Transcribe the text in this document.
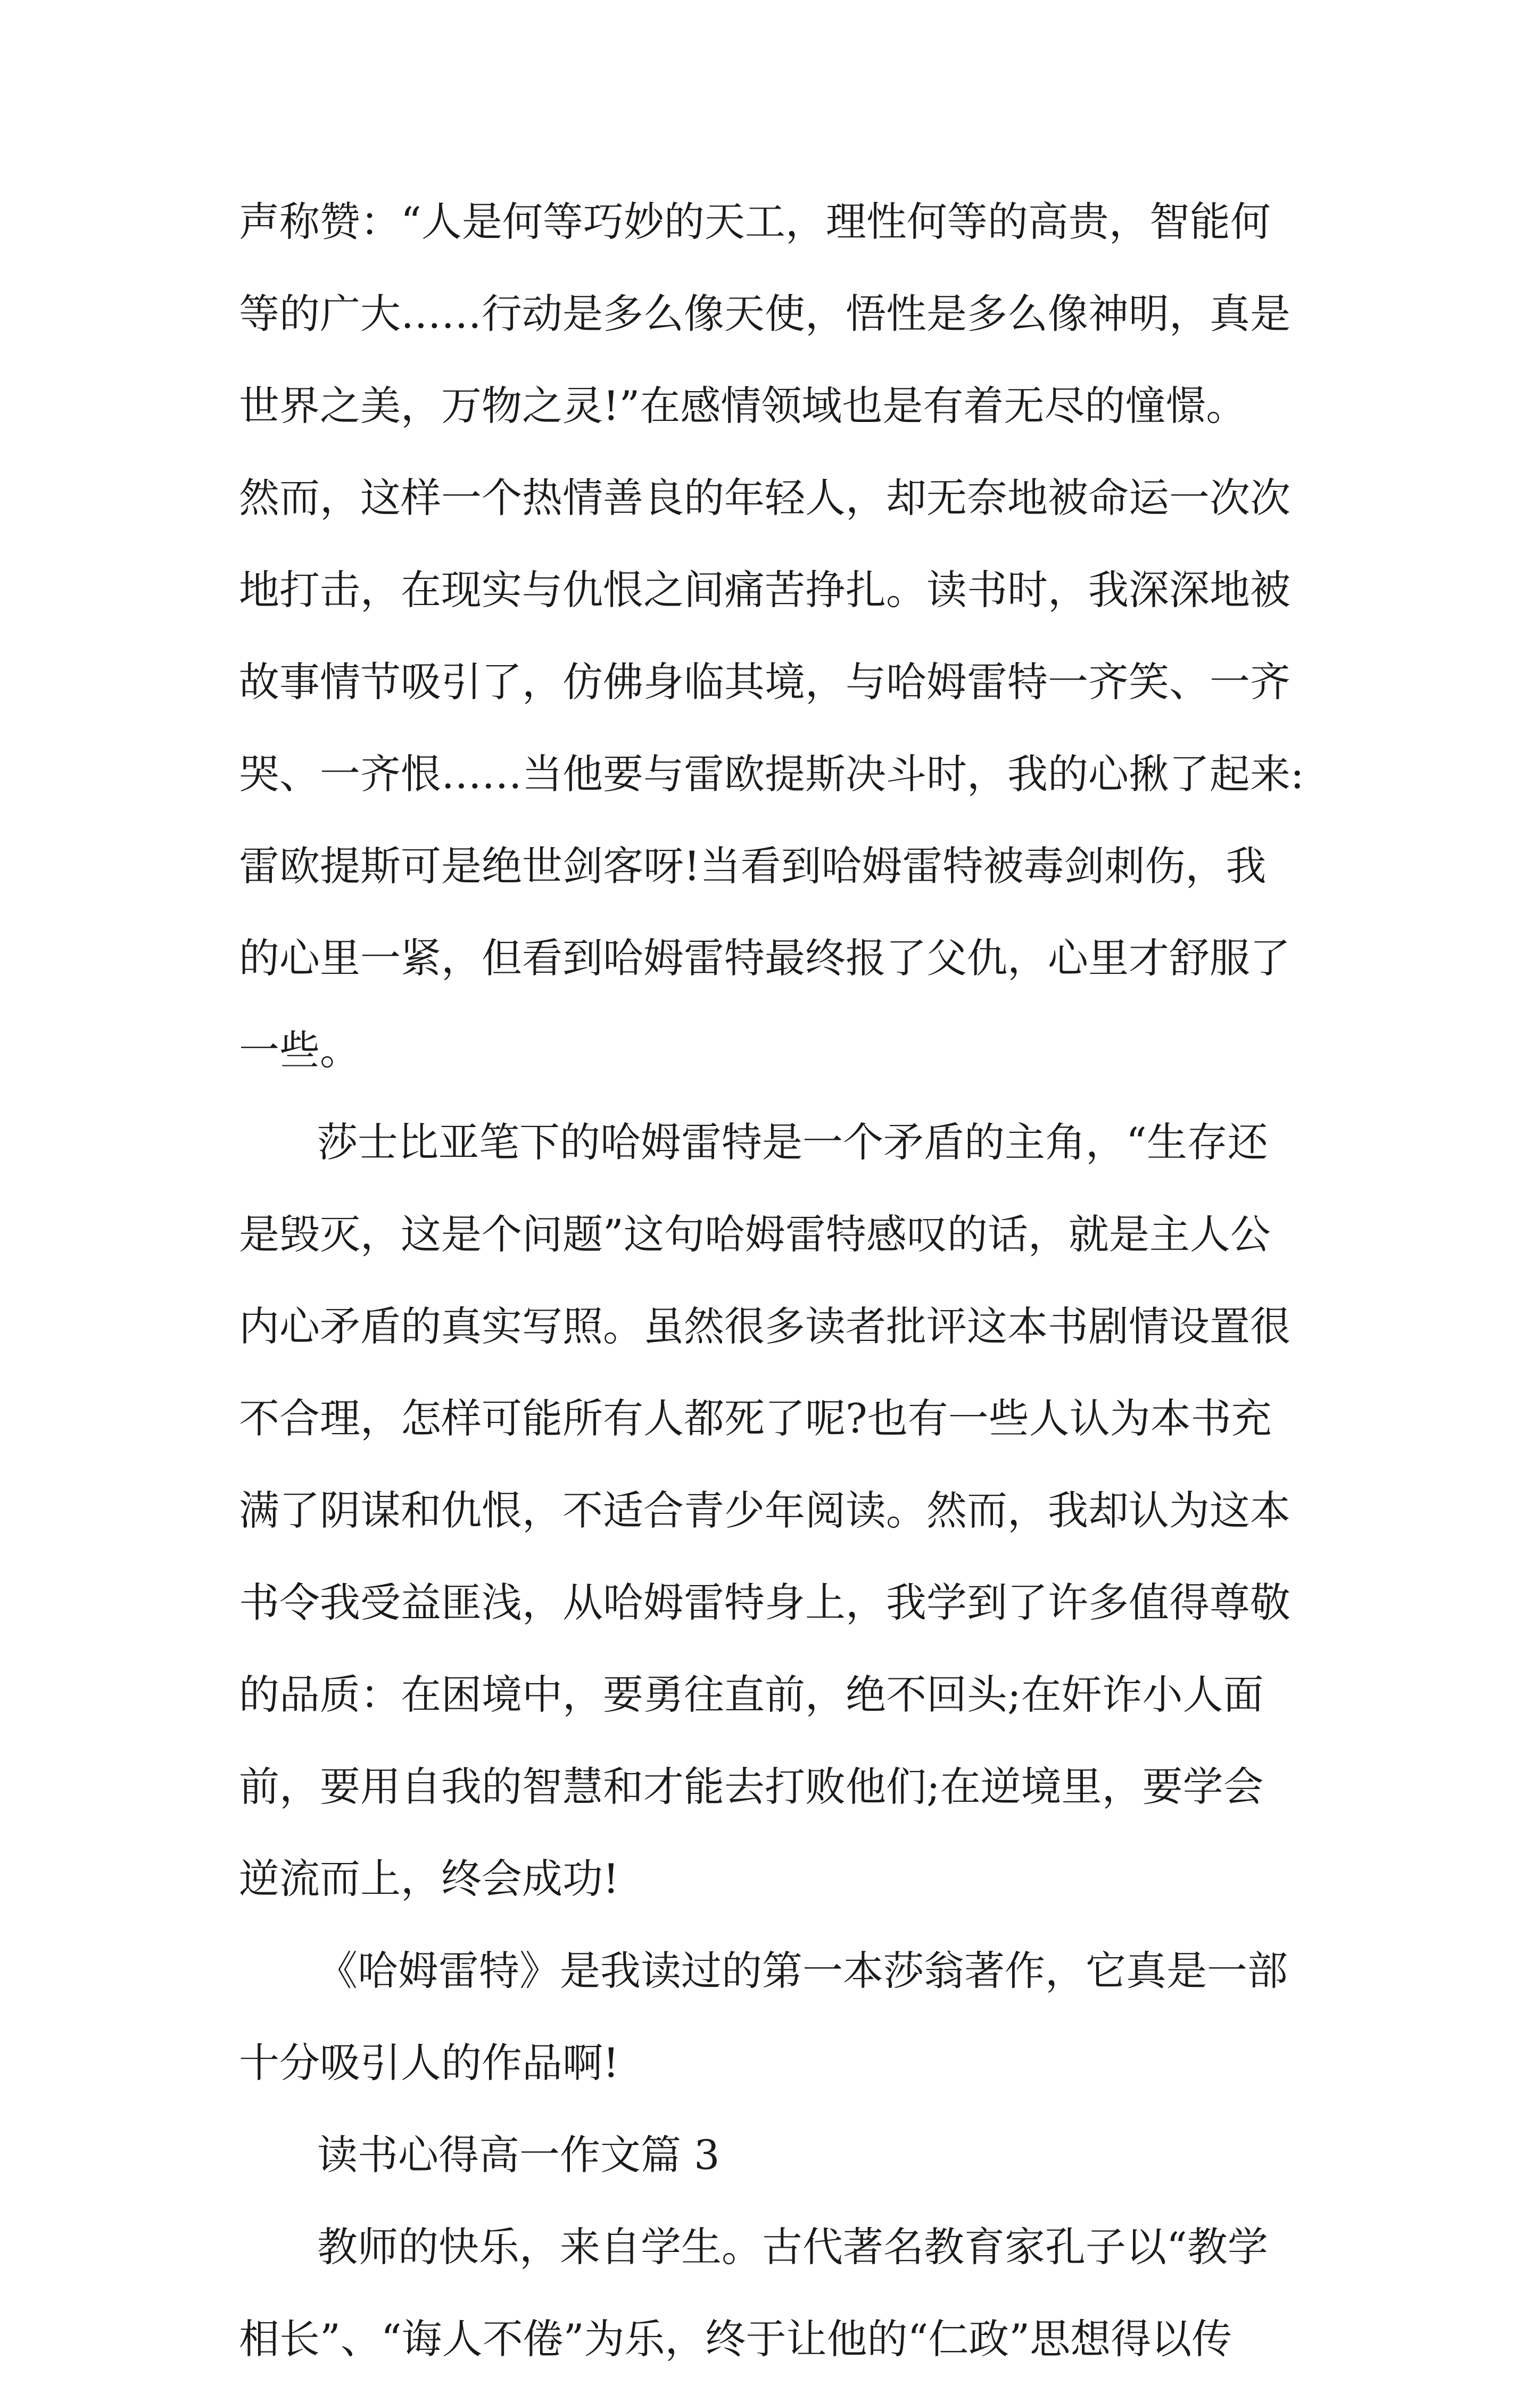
声称赞：“人是何等巧妙的天工，理性何等的高贵，智能何
等的广大……行动是多么像天使，悟性是多么像神明，真是
世界之美，万物之灵!”在感情领域也是有着无尽的憧憬。
然而，这样一个热情善良的年轻人，却无奈地被命运一次次
地打击，在现实与仇恨之间痛苦挣扎。读书时，我深深地被
故事情节吸引了，仿佛身临其境，与哈姆雷特一齐笑、一齐
哭、一齐恨……当他要与雷欧提斯决斗时，我的心揪了起来:
雷欧提斯可是绝世剑客呀!当看到哈姆雷特被毒剑刺伤，我
的心里一紧，但看到哈姆雷特最终报了父仇，心里才舒服了
一些。
莎士比亚笔下的哈姆雷特是一个矛盾的主角，“生存还
是毁灭，这是个问题”这句哈姆雷特感叹的话，就是主人公
内心矛盾的真实写照。虽然很多读者批评这本书剧情设置很
不合理，怎样可能所有人都死了呢?也有一些人认为本书充
满了阴谋和仇恨，不适合青少年阅读。然而，我却认为这本
书令我受益匪浅，从哈姆雷特身上，我学到了许多值得尊敬
的品质：在困境中，要勇往直前，绝不回头;在奸诈小人面
前，要用自我的智慧和才能去打败他们;在逆境里，要学会
逆流而上，终会成功!
《哈姆雷特》是我读过的第一本莎翁著作，它真是一部
十分吸引人的作品啊!
读书心得高一作文篇 3
教师的快乐，来自学生。古代著名教育家孔子以“教学
相长”、“诲人不倦”为乐，终于让他的“仁政”思想得以传
